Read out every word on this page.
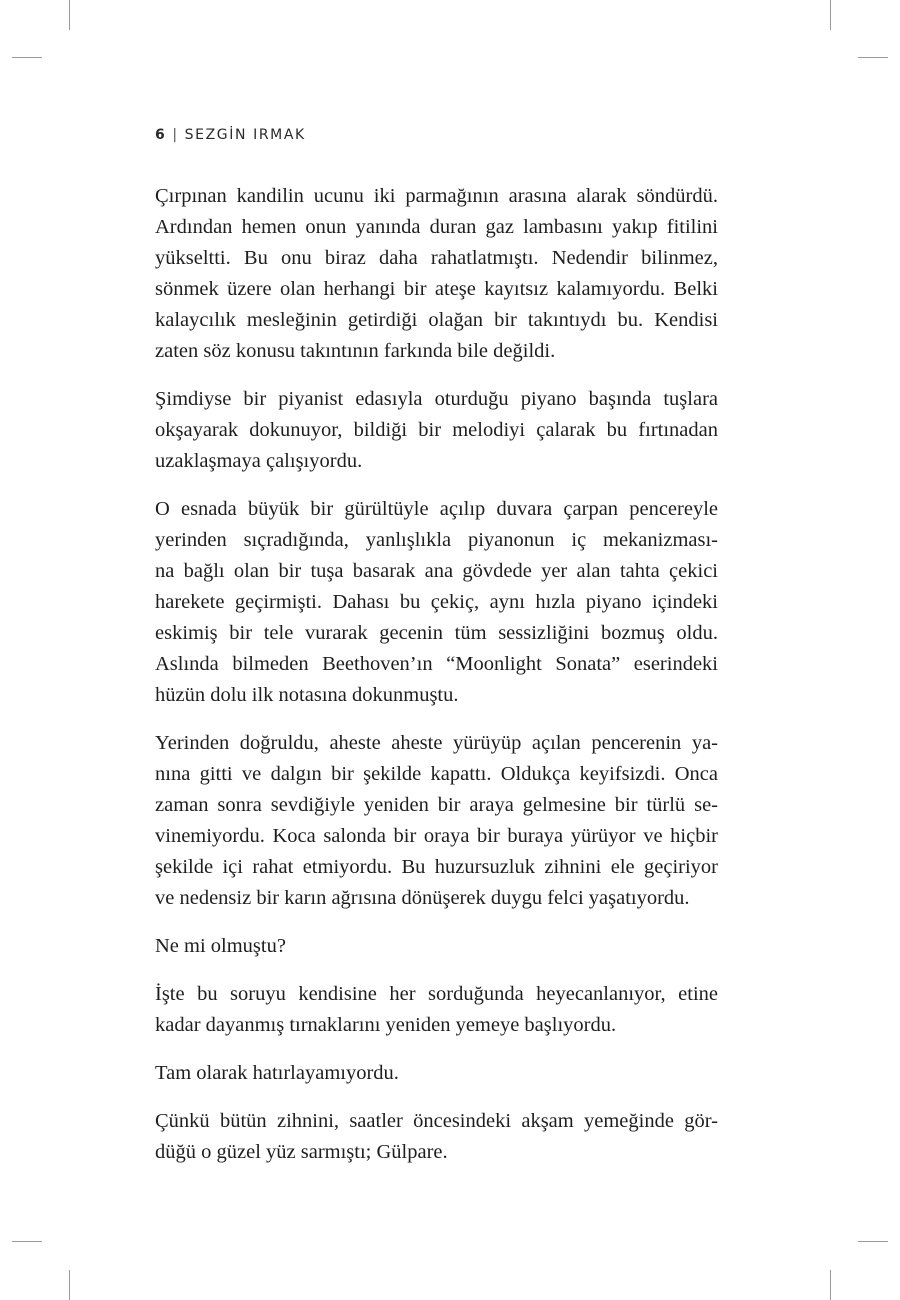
6 | SEZGİN IRMAK
Çırpınan kandilin ucunu iki parmağının arasına alarak söndürdü.
Ardından hemen onun yanında duran gaz lambasını yakıp fitilini
yükseltti. Bu onu biraz daha rahatlatmıştı. Nedendir bilinmez,
sönmek üzere olan herhangi bir ateşe kayıtsız kalamıyordu. Belki
kalaycılık mesleğinin getirdiği olağan bir takıntıydı bu. Kendisi
zaten söz konusu takıntının farkında bile değildi.
Şimdiyse bir piyanist edasıyla oturduğu piyano başında tuşlara
okşayarak dokunuyor, bildiği bir melodiyi çalarak bu fırtınadan
uzaklaşmaya çalışıyordu.
O esnada büyük bir gürültüyle açılıp duvara çarpan pencereyle
yerinden sıçradığında, yanlışlıkla piyanonun iç mekanizması-
na bağlı olan bir tuşa basarak ana gövdede yer alan tahta çekici
harekete geçirmişti. Dahası bu çekiç, aynı hızla piyano içindeki
eskimiş bir tele vurarak gecenin tüm sessizliğini bozmuş oldu.
Aslında bilmeden Beethoven’ın “Moonlight Sonata” eserindeki
hüzün dolu ilk notasına dokunmuştu.
Yerinden doğruldu, aheste aheste yürüyüp açılan pencerenin ya-
nına gitti ve dalgın bir şekilde kapattı. Oldukça keyifsizdi. Onca
zaman sonra sevdiğiyle yeniden bir araya gelmesine bir türlü se-
vinemiyordu. Koca salonda bir oraya bir buraya yürüyor ve hiçbir
şekilde içi rahat etmiyordu. Bu huzursuzluk zihnini ele geçiriyor
ve nedensiz bir karın ağrısına dönüşerek duygu felci yaşatıyordu.
Ne mi olmuştu?
İşte bu soruyu kendisine her sorduğunda heyecanlanıyor, etine
kadar dayanmış tırnaklarını yeniden yemeye başlıyordu.
Tam olarak hatırlayamıyordu.
Çünkü bütün zihnini, saatler öncesindeki akşam yemeğinde gör-
düğü o güzel yüz sarmıştı; Gülpare.
